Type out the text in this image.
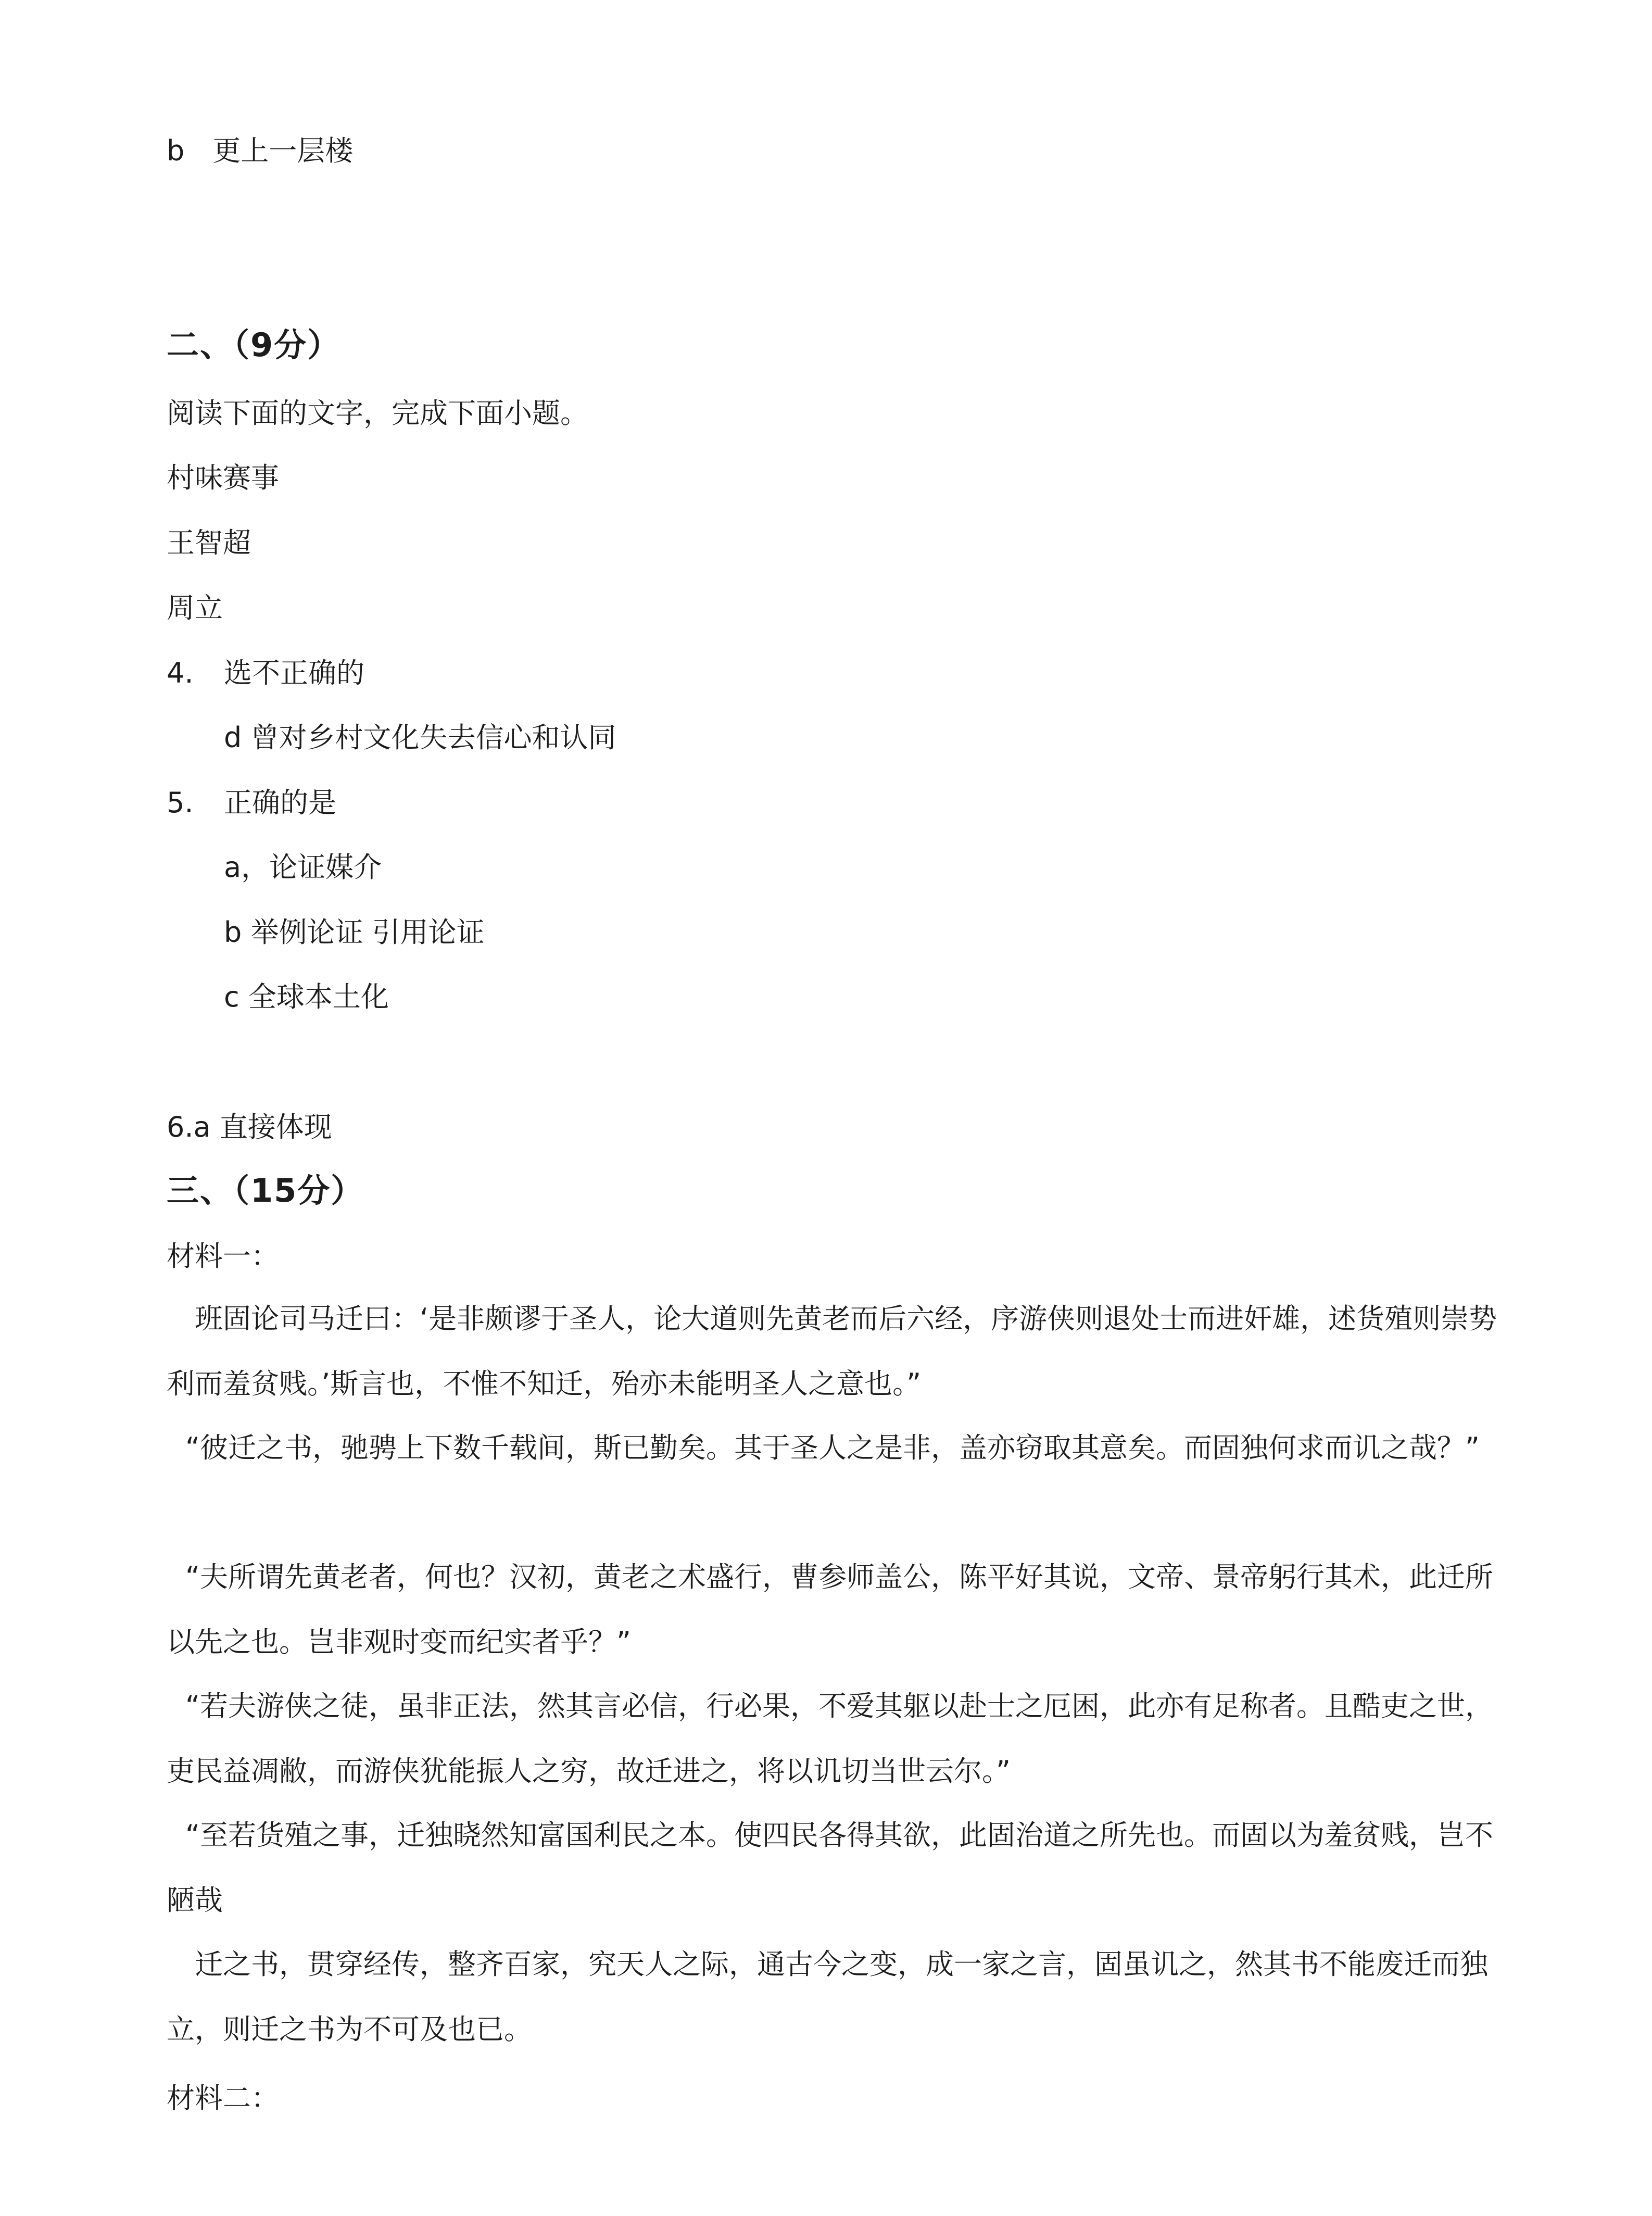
b　更上一层楼
二、（9分）
阅读下面的文字，完成下面小题。
村味赛事
王智超
周立
4. 选不正确的
d 曾对乡村文化失去信心和认同
5. 正确的是
a，论证媒介
b 举例论证 引用论证
c 全球本土化
6.a 直接体现
三、（15分）
材料一：
班固论司马迁曰：‘是非颇谬于圣人，论大道则先黄老而后六经，序游侠则退处士而进奸雄，述货殖则崇势利而羞贫贱。’斯言也，不惟不知迁，殆亦未能明圣人之意也。”
“彼迁之书，驰骋上下数千载间，斯已勤矣。其于圣人之是非，盖亦窃取其意矣。而固独何求而讥之哉？”
“夫所谓先黄老者，何也？汉初，黄老之术盛行，曹参师盖公，陈平好其说，文帝、景帝躬行其术，此迁所以先之也。岂非观时变而纪实者乎？”
“若夫游侠之徒，虽非正法，然其言必信，行必果，不爱其躯以赴士之厄困，此亦有足称者。且酷吏之世，吏民益凋敝，而游侠犹能振人之穷，故迁进之，将以讥切当世云尔。”
“至若货殖之事，迁独晓然知富国利民之本。使四民各得其欲，此固治道之所先也。而固以为羞贫贱，岂不陋哉
迁之书，贯穿经传，整齐百家，究天人之际，通古今之变，成一家之言，固虽讥之，然其书不能废迁而独立，则迁之书为不可及也已。
材料二：
